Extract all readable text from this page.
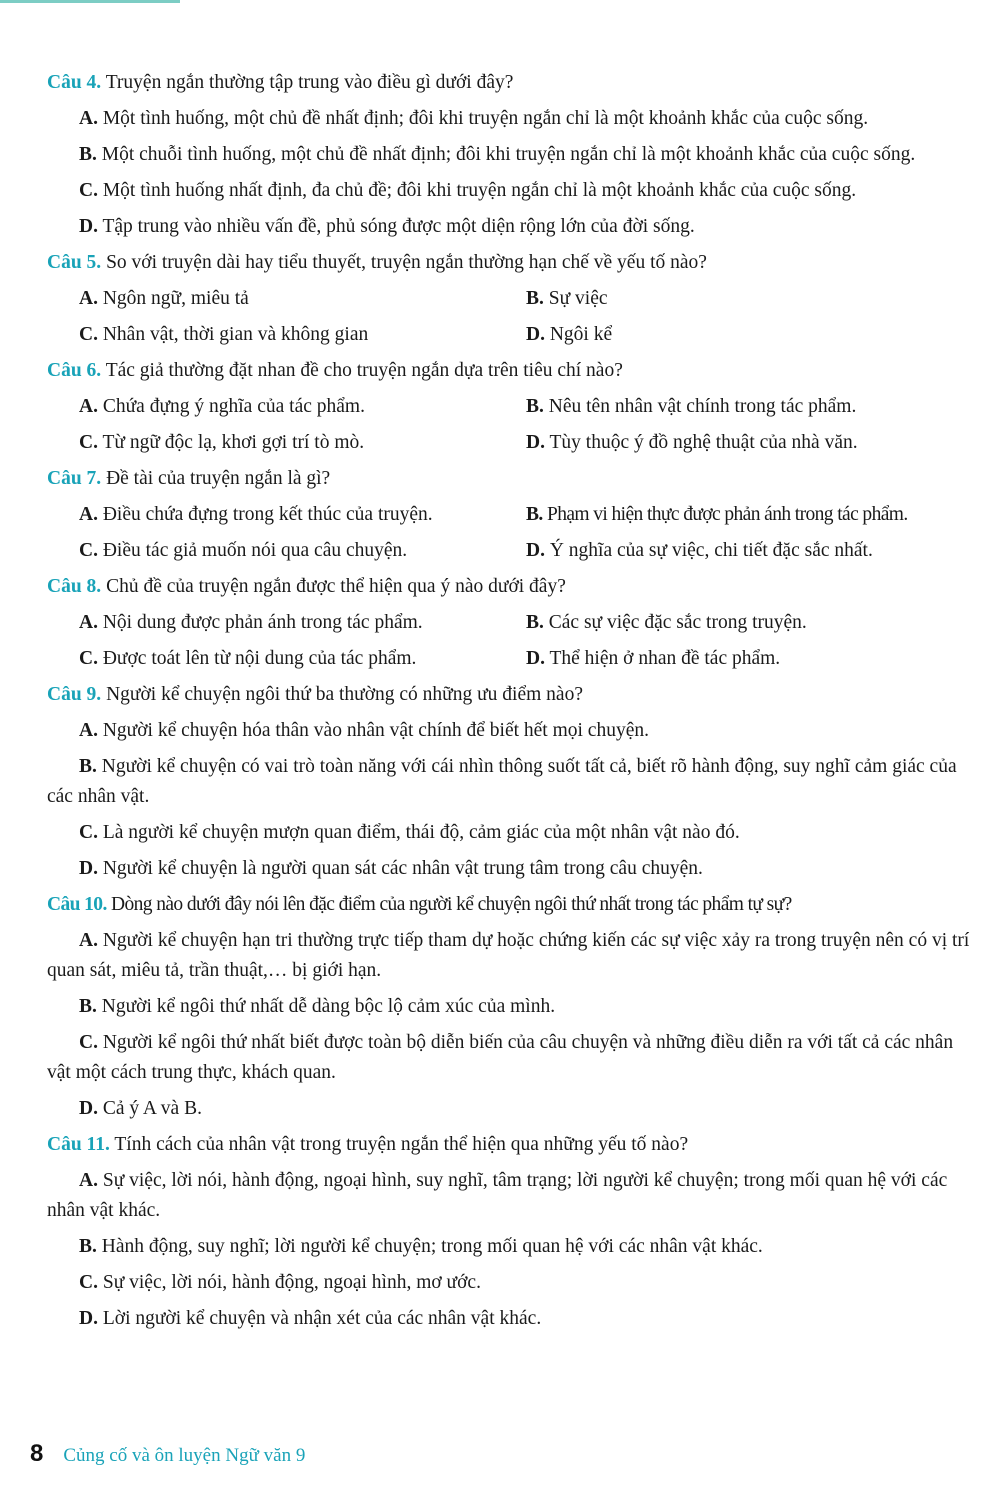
Câu 4. Truyện ngắn thường tập trung vào điều gì dưới đây?
A. Một tình huống, một chủ đề nhất định; đôi khi truyện ngắn chỉ là một khoảnh khắc của cuộc sống.
B. Một chuỗi tình huống, một chủ đề nhất định; đôi khi truyện ngắn chỉ là một khoảnh khắc của cuộc sống.
C. Một tình huống nhất định, đa chủ đề; đôi khi truyện ngắn chỉ là một khoảnh khắc của cuộc sống.
D. Tập trung vào nhiều vấn đề, phủ sóng được một diện rộng lớn của đời sống.
Câu 5. So với truyện dài hay tiểu thuyết, truyện ngắn thường hạn chế về yếu tố nào?
A. Ngôn ngữ, miêu tả	B. Sự việc
C. Nhân vật, thời gian và không gian	D. Ngôi kể
Câu 6. Tác giả thường đặt nhan đề cho truyện ngắn dựa trên tiêu chí nào?
A. Chứa đựng ý nghĩa của tác phẩm.	B. Nêu tên nhân vật chính trong tác phẩm.
C. Từ ngữ độc lạ, khơi gợi trí tò mò.	D. Tùy thuộc ý đồ nghệ thuật của nhà văn.
Câu 7. Đề tài của truyện ngắn là gì?
A. Điều chứa đựng trong kết thúc của truyện.	B. Phạm vi hiện thực được phản ánh trong tác phẩm.
C. Điều tác giả muốn nói qua câu chuyện.	D. Ý nghĩa của sự việc, chi tiết đặc sắc nhất.
Câu 8. Chủ đề của truyện ngắn được thể hiện qua ý nào dưới đây?
A. Nội dung được phản ánh trong tác phẩm.	B. Các sự việc đặc sắc trong truyện.
C. Được toát lên từ nội dung của tác phẩm.	D. Thể hiện ở nhan đề tác phẩm.
Câu 9. Người kể chuyện ngôi thứ ba thường có những ưu điểm nào?
A. Người kể chuyện hóa thân vào nhân vật chính để biết hết mọi chuyện.
B. Người kể chuyện có vai trò toàn năng với cái nhìn thông suốt tất cả, biết rõ hành động, suy nghĩ cảm giác của các nhân vật.
C. Là người kể chuyện mượn quan điểm, thái độ, cảm giác của một nhân vật nào đó.
D. Người kể chuyện là người quan sát các nhân vật trung tâm trong câu chuyện.
Câu 10. Dòng nào dưới đây nói lên đặc điểm của người kể chuyện ngôi thứ nhất trong tác phẩm tự sự?
A. Người kể chuyện hạn tri thường trực tiếp tham dự hoặc chứng kiến các sự việc xảy ra trong truyện nên có vị trí quan sát, miêu tả, trần thuật,… bị giới hạn.
B. Người kể ngôi thứ nhất dễ dàng bộc lộ cảm xúc của mình.
C. Người kể ngôi thứ nhất biết được toàn bộ diễn biến của câu chuyện và những điều diễn ra với tất cả các nhân vật một cách trung thực, khách quan.
D. Cả ý A và B.
Câu 11. Tính cách của nhân vật trong truyện ngắn thể hiện qua những yếu tố nào?
A. Sự việc, lời nói, hành động, ngoại hình, suy nghĩ, tâm trạng; lời người kể chuyện; trong mối quan hệ với các nhân vật khác.
B. Hành động, suy nghĩ; lời người kể chuyện; trong mối quan hệ với các nhân vật khác.
C. Sự việc, lời nói, hành động, ngoại hình, mơ ước.
D. Lời người kể chuyện và nhận xét của các nhân vật khác.
8 Củng cố và ôn luyện Ngữ văn 9
